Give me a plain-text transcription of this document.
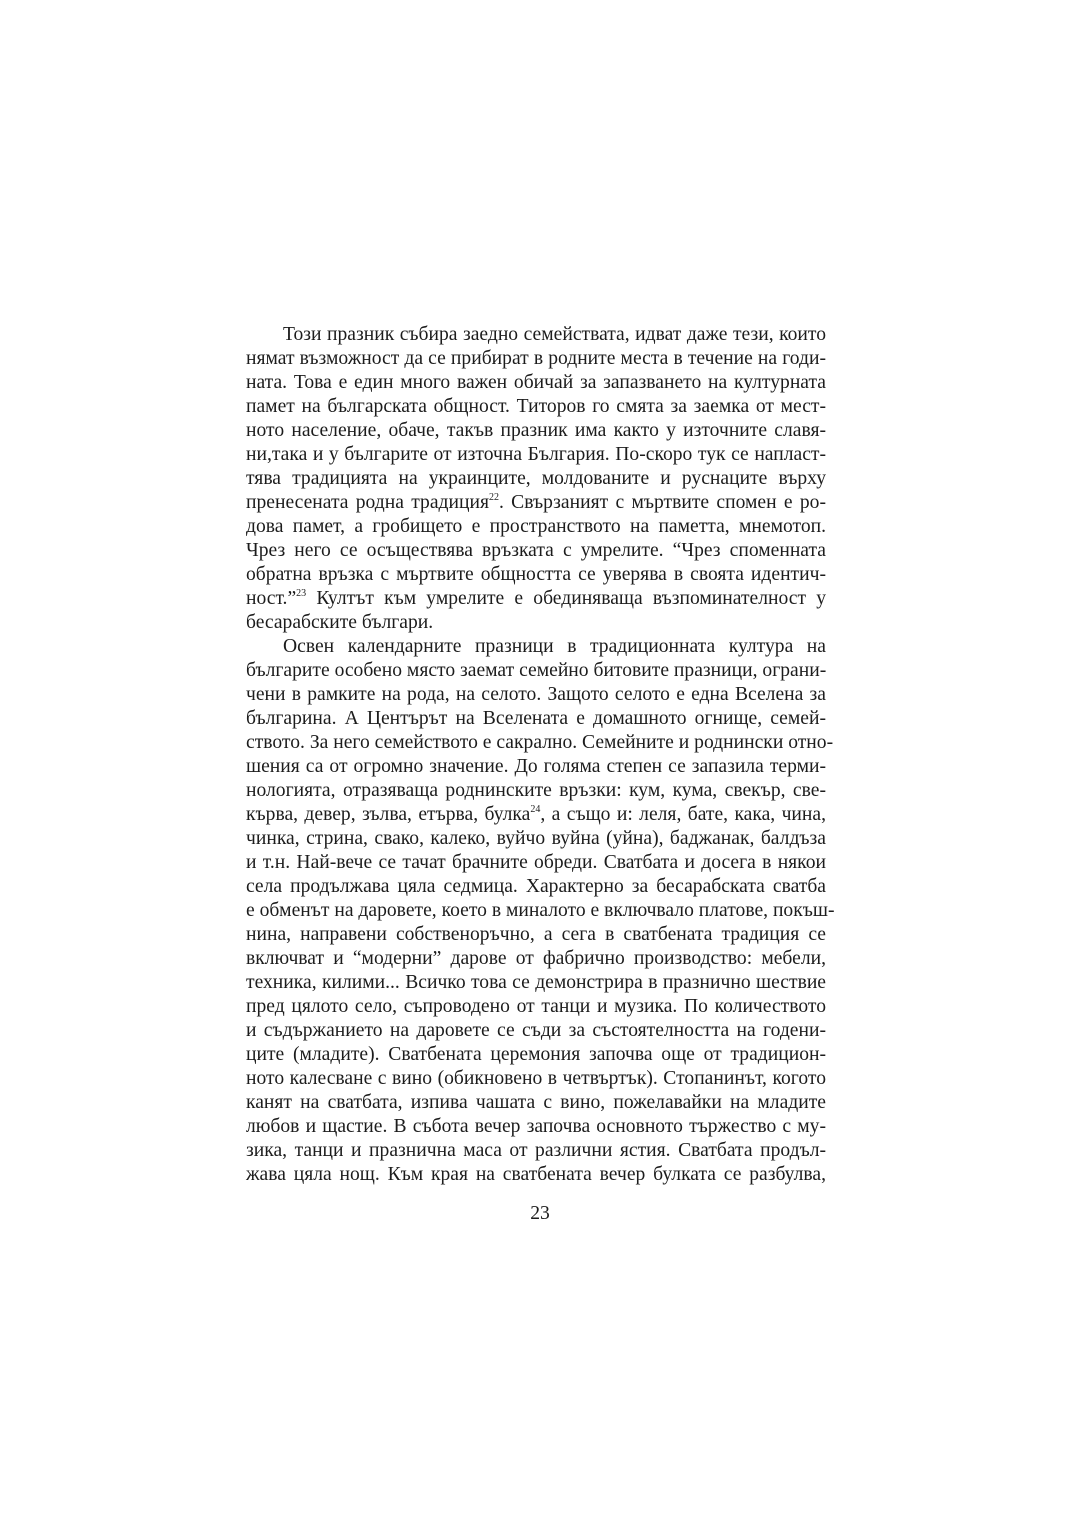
Този празник събира заедно семействата, идват даже тези, които
нямат възможност да се прибират в родните места в течение на годи-
ната. Това е един много важен обичай за запазването на културната
памет на българската общност. Титоров го смята за заемка от мест-
ното население, обаче, такъв празник има както у източните славя-
ни,така и у българите от източна България. По-скоро тук се напласт-
тява традицията на украинците, молдованите и руснаците върху
пренесената родна традиция$^{22}$. Свързаният с мъртвите спомен е ро-
дова памет, а гробището е пространството на паметта, мнемотоп.
Чрез него се осъществява връзката с умрелите. “Чрез споменната
обратна връзка с мъртвите общността се уверява в своята идентич-
ност.”$^{23}$ Култът към умрелите е обединяваща възпоминателност у
бесарабските българи.
Освен календарните празници в традиционната култура на
българите особено място заемат семейно битовите празници, ограни-
чени в рамките на рода, на селото. Защото селото е една Вселена за
българина. А Центърът на Вселената е домашното огнище, семей-
ството. За него семейството е сакрално. Семейните и роднински отно-
шения са от огромно значение. До голяма степен се запазила терми-
нологията, отразяваща роднинските връзки: кум, кума, свекър, све-
кърва, девер, зълва, етърва, булка$^{24}$, а също и: леля, бате, кака, чина,
чинка, стрина, свако, калеко, вуйчо вуйна (уйна), баджанак, балдъза
и т.н. Най-вече се тачат брачните обреди. Сватбата и досега в някои
села продължава цяла седмица. Характерно за бесарабската сватба
е обменът на даровете, което в миналото е включвало платове, покъш-
нина, направени собственоръчно, а сега в сватбената традиция се
включват и “модерни” дарове от фабрично производство: мебели,
техника, килими... Всичко това се демонстрира в празнично шествие
пред цялото село, съпроводено от танци и музика. По количеството
и съдържанието на даровете се съди за състоятелността на годени-
ците (младите). Сватбената церемония започва още от традицион-
ното калесване с вино (обикновено в четвъртък). Стопанинът, когото
канят на сватбата, изпива чашата с вино, пожелавайки на младите
любов и щастие. В събота вечер започва основното тържество с му-
зика, танци и празнична маса от различни ястия. Сватбата продъл-
жава цяла нощ. Към края на сватбената вечер булката се разбулва,
23
